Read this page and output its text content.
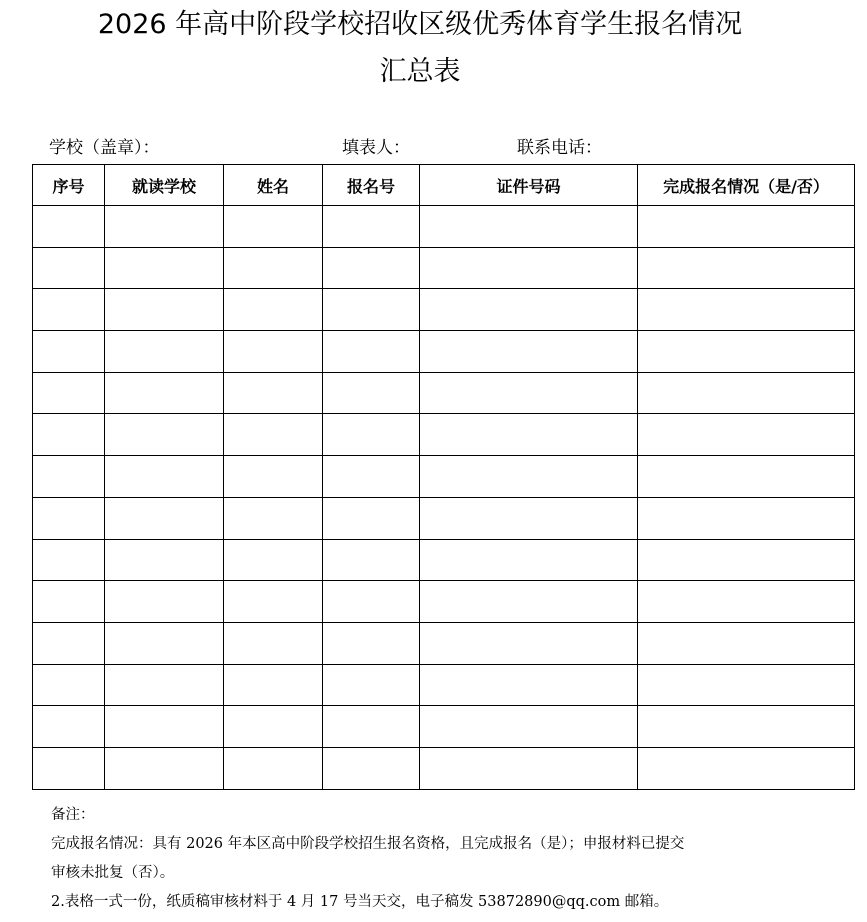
2026 年高中阶段学校招收区级优秀体育学生报名情况
汇总表
学校（盖章）：	填表人：	联系电话：
序号	就读学校	姓名	报名号	证件号码	完成报名情况（是/否）

备注：
完成报名情况：具有 2026 年本区高中阶段学校招生报名资格，且完成报名（是）；申报材料已提交
审核未批复（否）。
2.表格一式一份，纸质稿审核材料于 4 月 17 号当天交，电子稿发 53872890@qq.com 邮箱。
